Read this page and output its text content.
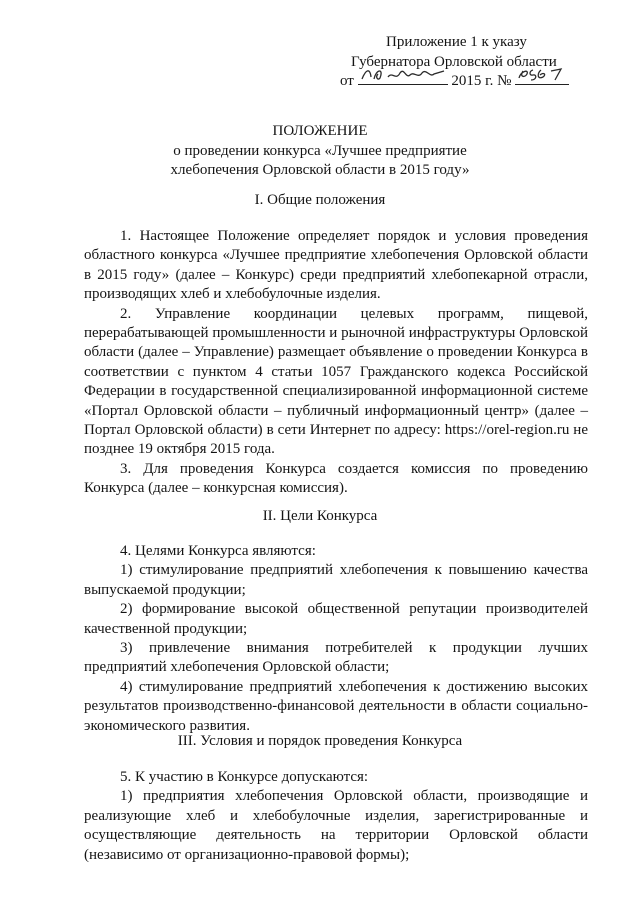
Приложение 1 к указу
Губернатора Орловской области
от	2015 г. №
ПОЛОЖЕНИЕ
о проведении конкурса «Лучшее предприятие
хлебопечения Орловской области в 2015 году»
I. Общие положения

1. Настоящее Положение определяет порядок и условия проведения областного конкурса «Лучшее предприятие хлебопечения Орловской области в 2015 году» (далее – Конкурс) среди предприятий хлебопекарной отрасли, производящих хлеб и хлебобулочные изделия.

2. Управление координации целевых программ, пищевой, перерабатывающей промышленности и рыночной инфраструктуры Орловской области (далее – Управление) размещает объявление о проведении Конкурса в соответствии с пунктом 4 статьи 1057 Гражданского кодекса Российской Федерации в государственной специализированной информационной системе «Портал Орловской области – публичный информационный центр» (далее – Портал Орловской области) в сети Интернет по адресу: https://orel-region.ru не позднее 19 октября 2015 года.

3. Для проведения Конкурса создается комиссия по проведению Конкурса (далее – конкурсная комиссия).

II. Цели Конкурса

4. Целями Конкурса являются:

1) стимулирование предприятий хлебопечения к повышению качества выпускаемой продукции;

2) формирование высокой общественной репутации производителей качественной продукции;

3) привлечение внимания потребителей к продукции лучших предприятий хлебопечения Орловской области;

4) стимулирование предприятий хлебопечения к достижению высоких результатов производственно-финансовой деятельности в области социально-экономического развития.

III. Условия и порядок проведения Конкурса

5. К участию в Конкурсе допускаются:

1) предприятия хлебопечения Орловской области, производящие и реализующие хлеб и хлебобулочные изделия, зарегистрированные и осуществляющие деятельность на территории Орловской области (независимо от организационно-правовой формы);
